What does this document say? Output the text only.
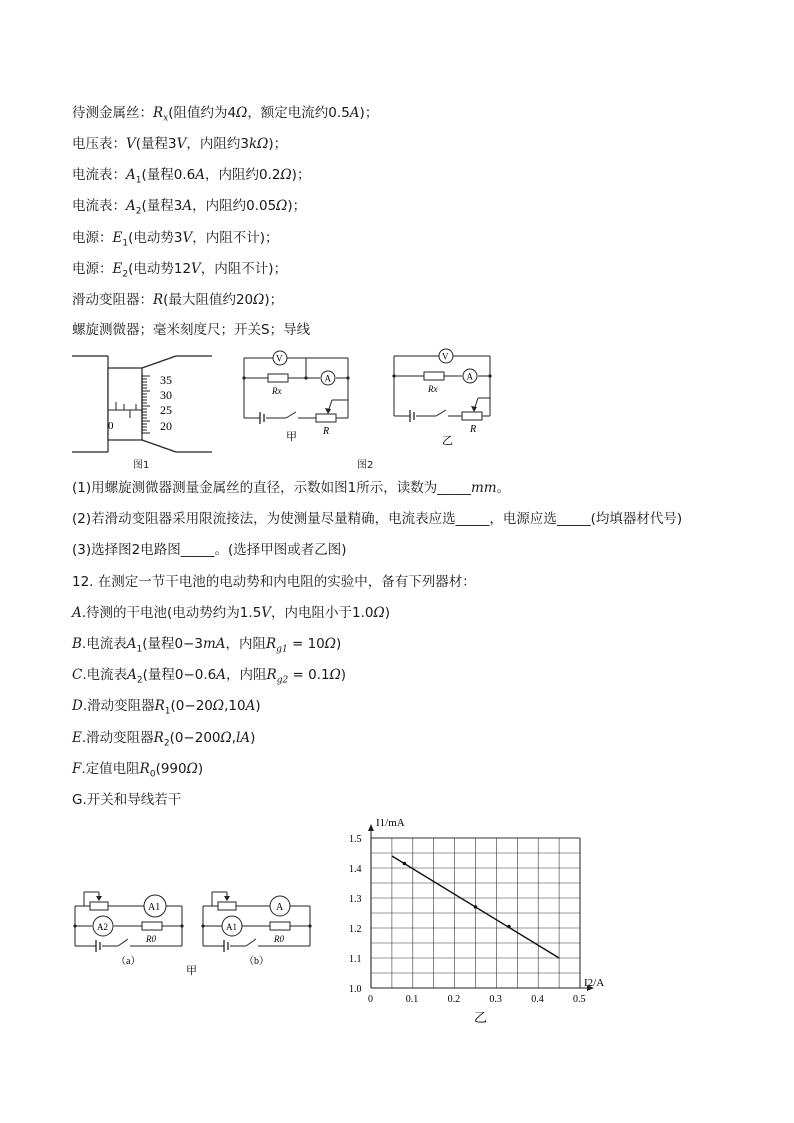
待测金属丝：$R_x$(阻值约为4Ω，额定电流约0.5A)；
电压表：V(量程3V，内阻约3kΩ)；
电流表：$A_1$(量程0.6A，内阻约0.2Ω)；
电流表：$A_2$(量程3A，内阻约0.05Ω)；
电源：$E_1$(电动势3V，内阻不计)；
电源：$E_2$(电动势12V，内阻不计)；
滑动变阻器：R(最大阻值约20Ω)；
螺旋测微器；毫米刻度尺；开关S；导线
0
35
30
25
20
图1
V
A
Rx
R
甲
图2
V
A
Rx
R
乙
(1)用螺旋测微器测量金属丝的直径，示数如图1所示，读数为_____mm。
(2)若滑动变阻器采用限流接法，为使测量尽量精确，电流表应选_____，电源应选_____(均填器材代号)
(3)选择图2电路图_____。(选择甲图或者乙图)
12. 在测定一节干电池的电动势和内电阻的实验中，备有下列器材：
A.待测的干电池(电动势约为1.5V，内电阻小于1.0Ω)
B.电流表$A_1$(量程0−3mA，内阻$R_{g1} = 10\Omega$)
C.电流表$A_2$(量程0−0.6A，内阻$R_{g2} = 0.1\Omega$)
D.滑动变阻器$R_1(0-20\Omega,10A)$
E.滑动变阻器$R_2(0-200\Omega,lA)$
F.定值电阻$R_0(990\Omega)$
G.开关和导线若干
A1
A2
R0
（a）
A
A1
R0
（b）
甲
0	0.1	0.2	0.3	0.4	0.5
1.0
1.1
1.2
1.3
1.4
1.5
I1/mA
I2/A
乙
